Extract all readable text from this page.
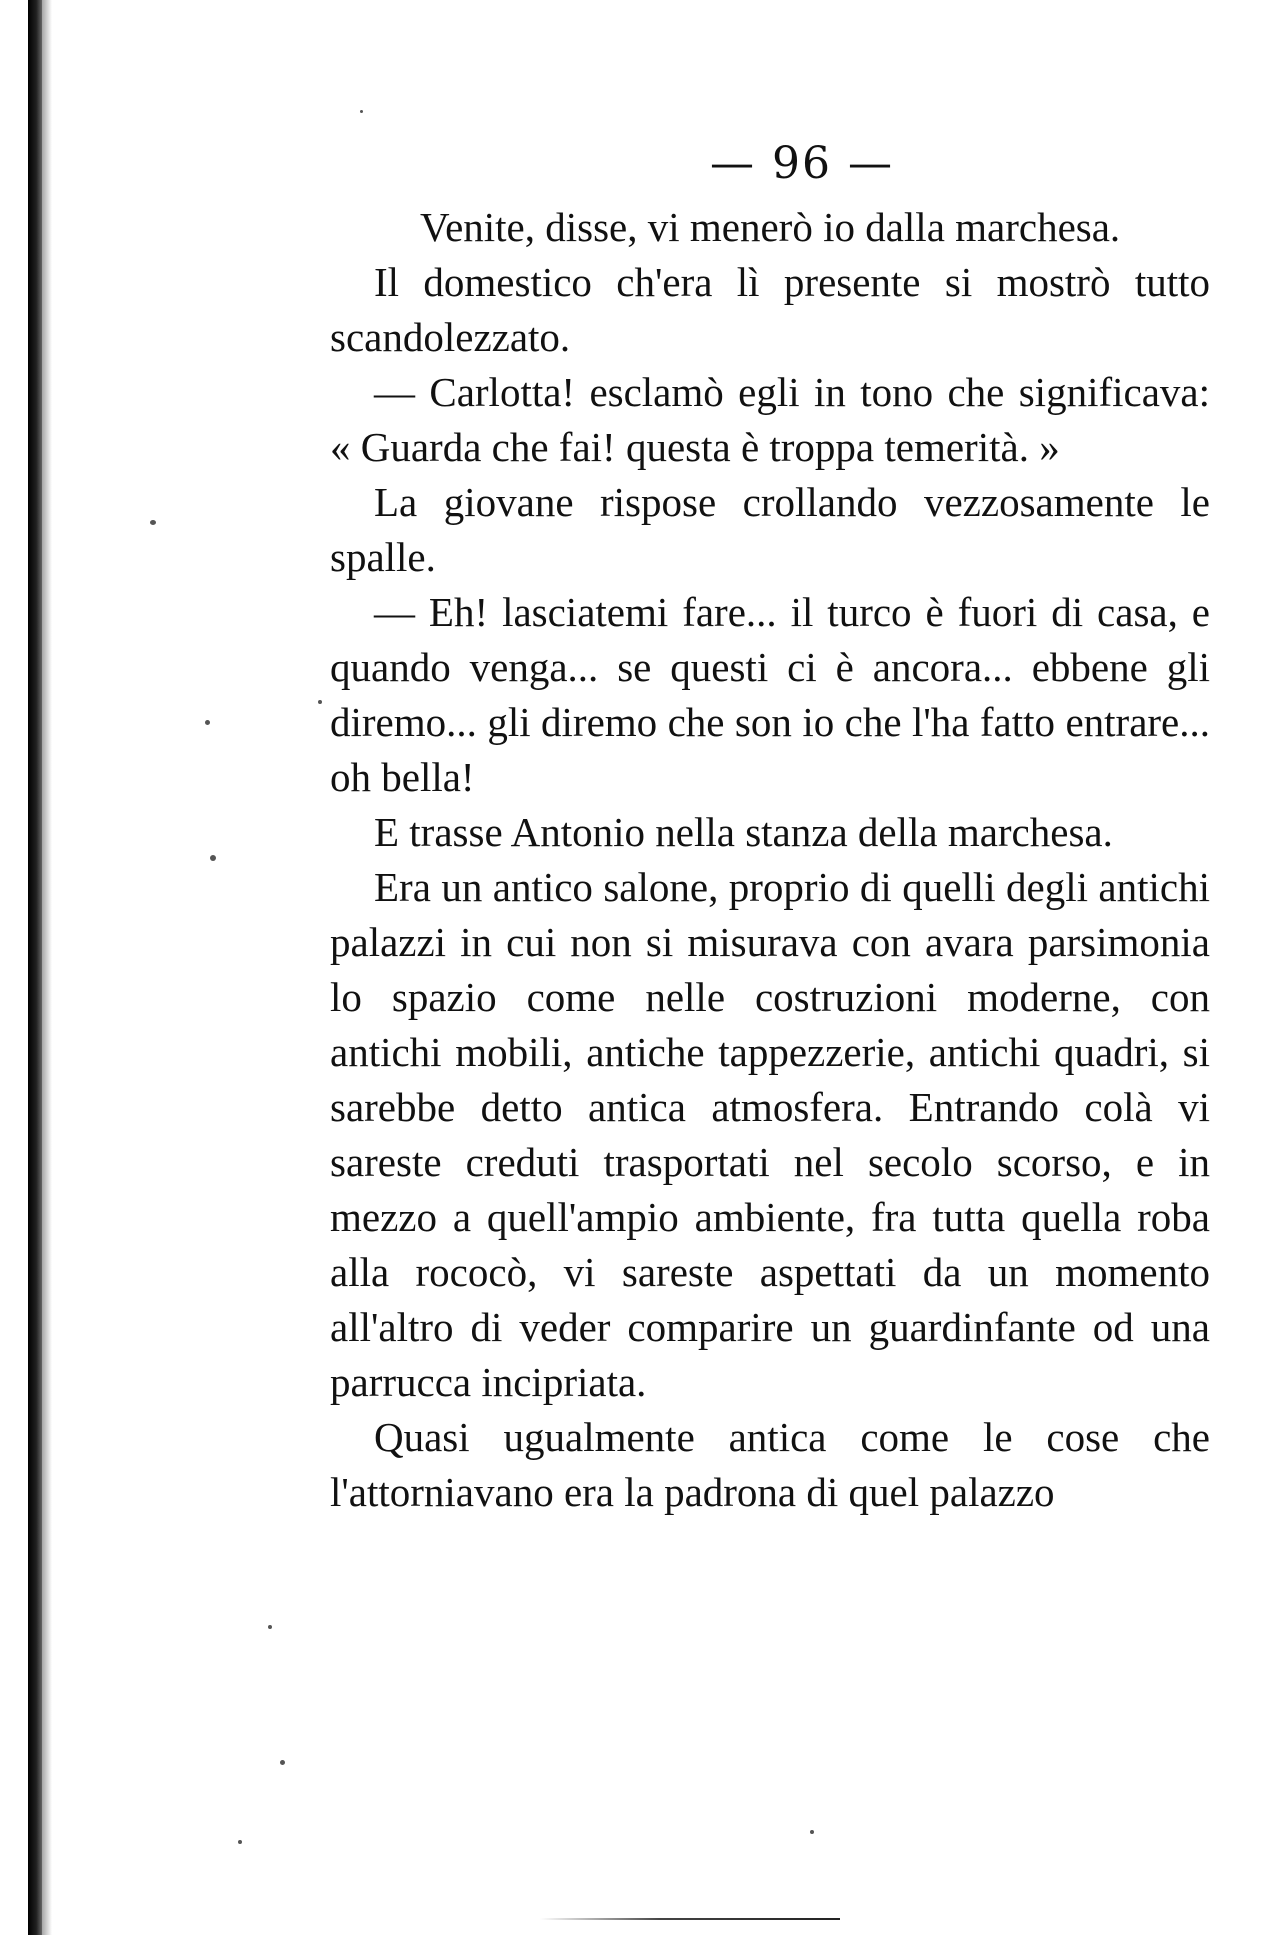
— 96 —

Venite, disse, vi menerò io dalla marchesa.

Il domestico ch'era lì presente si mostrò tutto scandolezzato.

— Carlotta! esclamò egli in tono che significava: « Guarda che fai! questa è troppa temerità. »

La giovane rispose crollando vezzosamente le spalle.

— Eh! lasciatemi fare... il turco è fuori di casa, e quando venga... se questi ci è ancora... ebbene gli diremo... gli diremo che son io che l'ha fatto entrare... oh bella!

E trasse Antonio nella stanza della marchesa.

Era un antico salone, proprio di quelli degli antichi palazzi in cui non si misurava con avara parsimonia lo spazio come nelle costruzioni moderne, con antichi mobili, antiche tappezzerie, antichi quadri, si sarebbe detto antica atmosfera. Entrando colà vi sareste creduti trasportati nel secolo scorso, e in mezzo a quell'ampio ambiente, fra tutta quella roba alla rococò, vi sareste aspettati da un momento all'altro di veder comparire un guardinfante od una parrucca incipriata.

Quasi ugualmente antica come le cose che l'attorniavano era la padrona di quel palazzo
